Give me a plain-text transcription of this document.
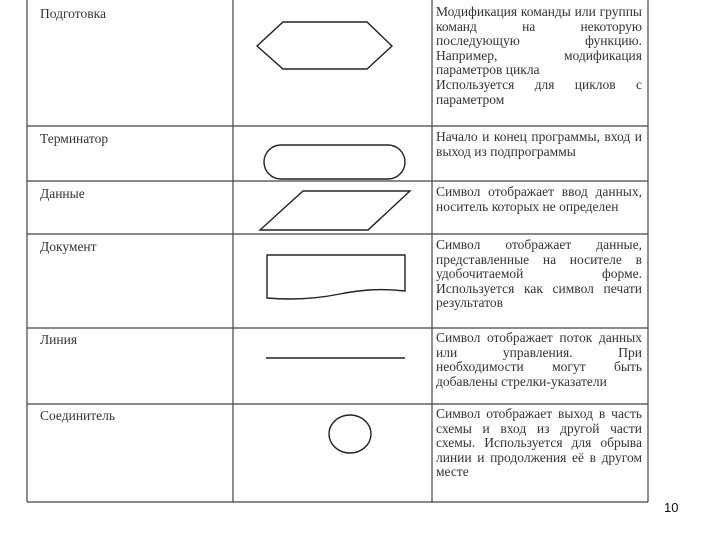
Подготовка	Модификация команды или группы команд на некоторую последующую функцию. Например, модификация параметров цикла
Используется для циклов с параметром
Терминатор	Начало и конец программы, вход и выход из подпрограммы
Данные	Символ отображает ввод данных, носитель которых не определен
Документ	Символ отображает данные, представленные на носителе в удобочитаемой форме. Используется как символ печати результатов
Линия	Символ отображает поток данных или управления. При необходимости могут быть добавлены стрелки-указатели
Соединитель	Символ отображает выход в часть схемы и вход из другой части схемы. Используется для обрыва линии и продолжения её в другом месте
10
